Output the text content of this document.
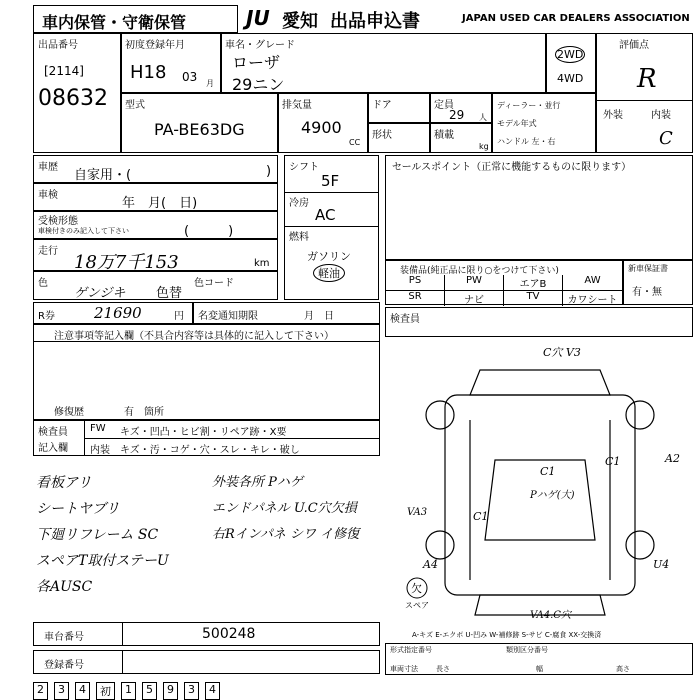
車内保管・守衛保管	JU 愛知 出品申込書	JAPAN USED CAR DEALERS ASSOCIATION
出品番号
[2114]
08632
初度登録年月
H18 03 月
車名・グレード
ローザ
29ニン
2WD
4WD
評価点
R
外装	内装
C
型式
PA-BE63DG
排気量
4900
CC
ドア	定員
29 人
形状	積載
kg
ディーラー・並行
モデル年式
ハンドル 左・右
車歴
自家用・(	)
車検
年　月(　日)
受検形態
車検付きのみ記入して下さい	(　　　)
走行
18万7千153	km
色
ゲンジキ 色替
色コード
シフト
5F
冷房
AC
燃料
ガソリン
軽油
セールスポイント（正常に機能するものに限ります）
装備品(純正品に限り○をつけて下さい)
PS	PW	エアB	AW
SR	ナビ	TV	カワシート
新車保証書
有・無
検査員
R券	21690	円 名変通知期限	月　日
注意事項等記入欄（不具合内容等は具体的に記入して下さい）
修復歴	有　箇所
検査員
記入欄
FW キズ・凹凸・ヒビ割・リペア跡・X要
内装 キズ・汚・コゲ・穴・スレ・キレ・破し
看板アリ
シートヤブリ
下廻リフレーム SC
スペアT取付ステーU
各AUSC
外装各所 Pハゲ
エンドパネル U.C穴欠損
右Rインパネ シワ イ修復
C穴 V3
C1
C1
C1
A2
Pハゲ(大)
VA3
A4	U4
欠
スペア
VA4.C穴
A-キズ E-エクボ U-凹み W-補修跡 S-サビ C-腐食 XX-交換済
車台番号	500248
登録番号
形式指定番号	類別区分番号
車両寸法	長さ	幅	高さ
2	3	4	初	1	5	9	3	4
